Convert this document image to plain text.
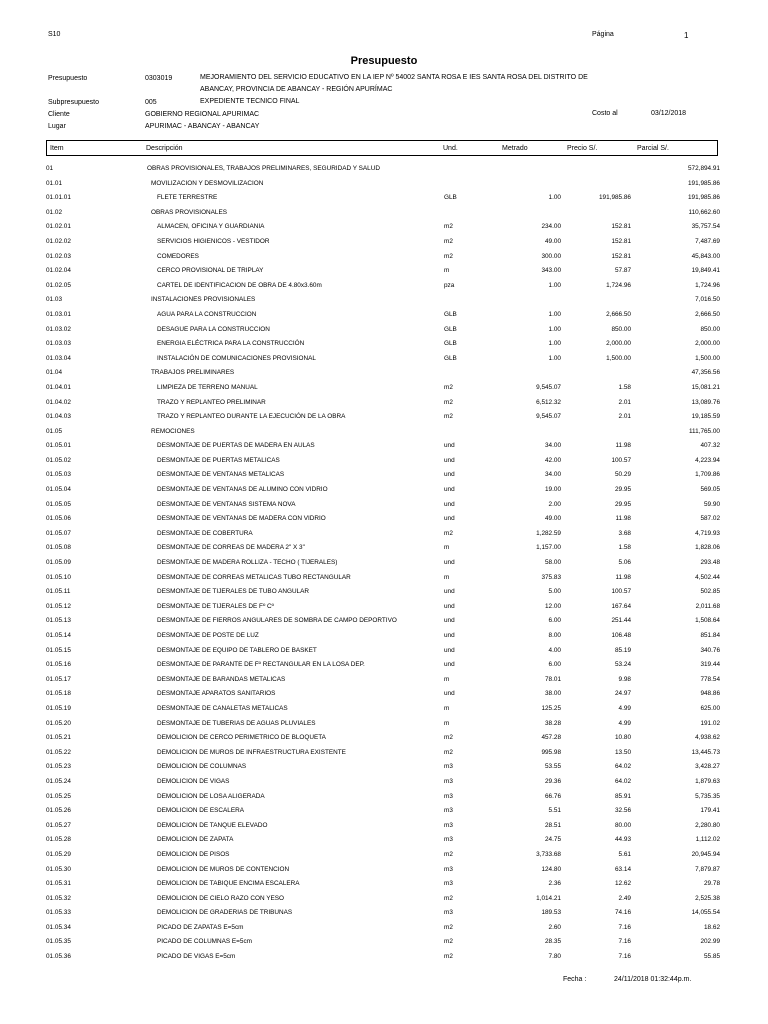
S10	Página	1
Presupuesto
Presupuesto	0303019	MEJORAMIENTO DEL SERVICIO EDUCATIVO EN LA IEP Nº 54002 SANTA ROSA E IES SANTA ROSA DEL DISTRITO DE
ABANCAY, PROVINCIA DE ABANCAY - REGIÓN APURÍMAC
Subpresupuesto	005	EXPEDIENTE TECNICO FINAL
Cliente	GOBIERNO REGIONAL APURIMAC	Costo al	03/12/2018
Lugar	APURIMAC - ABANCAY - ABANCAY
Item	Descripción	Und.	Metrado	Precio S/.	Parcial S/.
01	OBRAS PROVISIONALES, TRABAJOS PRELIMINARES, SEGURIDAD Y SALUD				572,894.91
01.01	MOVILIZACION Y DESMOVILIZACION				191,985.86
01.01.01	FLETE TERRESTRE	GLB	1.00	191,985.86	191,985.86
01.02	OBRAS PROVISIONALES				110,662.60
01.02.01	ALMACEN, OFICINA Y GUARDIANIA	m2	234.00	152.81	35,757.54
01.02.02	SERVICIOS HIGIENICOS - VESTIDOR	m2	49.00	152.81	7,487.69
01.02.03	COMEDORES	m2	300.00	152.81	45,843.00
01.02.04	CERCO PROVISIONAL DE TRIPLAY	m	343.00	57.87	19,849.41
01.02.05	CARTEL DE IDENTIFICACION DE OBRA DE 4.80x3.60m	pza	1.00	1,724.96	1,724.96
01.03	INSTALACIONES PROVISIONALES				7,016.50
01.03.01	AGUA PARA LA CONSTRUCCION	GLB	1.00	2,666.50	2,666.50
01.03.02	DESAGUE PARA LA CONSTRUCCION	GLB	1.00	850.00	850.00
01.03.03	ENERGIA ELÉCTRICA PARA LA CONSTRUCCIÓN	GLB	1.00	2,000.00	2,000.00
01.03.04	INSTALACIÓN DE COMUNICACIONES PROVISIONAL	GLB	1.00	1,500.00	1,500.00
01.04	TRABAJOS PRELIMINARES				47,356.56
01.04.01	LIMPIEZA DE TERRENO MANUAL	m2	9,545.07	1.58	15,081.21
01.04.02	TRAZO Y REPLANTEO PRELIMINAR	m2	6,512.32	2.01	13,089.76
01.04.03	TRAZO Y REPLANTEO DURANTE LA EJECUCIÓN DE LA OBRA	m2	9,545.07	2.01	19,185.59
01.05	REMOCIONES				111,765.00
01.05.01	DESMONTAJE DE PUERTAS DE MADERA EN AULAS	und	34.00	11.98	407.32
01.05.02	DESMONTAJE DE PUERTAS METALICAS	und	42.00	100.57	4,223.94
01.05.03	DESMONTAJE DE VENTANAS METALICAS	und	34.00	50.29	1,709.86
01.05.04	DESMONTAJE DE VENTANAS DE ALUMINO CON VIDRIO	und	19.00	29.95	569.05
01.05.05	DESMONTAJE DE VENTANAS SISTEMA NOVA	und	2.00	29.95	59.90
01.05.06	DESMONTAJE DE VENTANAS DE MADERA CON VIDRIO	und	49.00	11.98	587.02
01.05.07	DESMONTAJE DE COBERTURA	m2	1,282.59	3.68	4,719.93
01.05.08	DESMONTAJE DE CORREAS DE MADERA 2" X 3"	m	1,157.00	1.58	1,828.06
01.05.09	DESMONTAJE DE MADERA ROLLIZA - TECHO ( TIJERALES)	und	58.00	5.06	293.48
01.05.10	DESMONTAJE DE CORREAS METALICAS TUBO RECTANGULAR	m	375.83	11.98	4,502.44
01.05.11	DESMONTAJE DE TIJERALES DE TUBO ANGULAR	und	5.00	100.57	502.85
01.05.12	DESMONTAJE DE TIJERALES DE Fº Cº	und	12.00	167.64	2,011.68
01.05.13	DESMONTAJE DE FIERROS ANGULARES DE SOMBRA DE CAMPO DEPORTIVO	und	6.00	251.44	1,508.64
01.05.14	DESMONTAJE DE POSTE DE LUZ	und	8.00	106.48	851.84
01.05.15	DESMONTAJE DE EQUIPO DE TABLERO DE BASKET	und	4.00	85.19	340.76
01.05.16	DESMONTAJE DE PARANTE DE Fº RECTANGULAR EN LA LOSA DEP.	und	6.00	53.24	319.44
01.05.17	DESMONTAJE DE BARANDAS METALICAS	m	78.01	9.98	778.54
01.05.18	DESMONTAJE APARATOS SANITARIOS	und	38.00	24.97	948.86
01.05.19	DESMONTAJE DE CANALETAS METALICAS	m	125.25	4.99	625.00
01.05.20	DESMONTAJE DE TUBERIAS DE AGUAS PLUVIALES	m	38.28	4.99	191.02
01.05.21	DEMOLICION DE CERCO PERIMETRICO DE BLOQUETA	m2	457.28	10.80	4,938.62
01.05.22	DEMOLICION DE MUROS DE INFRAESTRUCTURA EXISTENTE	m2	995.98	13.50	13,445.73
01.05.23	DEMOLICION DE COLUMNAS	m3	53.55	64.02	3,428.27
01.05.24	DEMOLICION DE VIGAS	m3	29.36	64.02	1,879.63
01.05.25	DEMOLICION DE LOSA ALIGERADA	m3	66.76	85.91	5,735.35
01.05.26	DEMOLICION DE ESCALERA	m3	5.51	32.56	179.41
01.05.27	DEMOLICION DE TANQUE ELEVADO	m3	28.51	80.00	2,280.80
01.05.28	DEMOLICION DE ZAPATA	m3	24.75	44.93	1,112.02
01.05.29	DEMOLICION DE PISOS	m2	3,733.68	5.61	20,945.94
01.05.30	DEMOLICION DE MUROS DE CONTENCION	m3	124.80	63.14	7,879.87
01.05.31	DEMOLICION DE TABIQUE ENCIMA ESCALERA	m3	2.36	12.62	29.78
01.05.32	DEMOLICION DE CIELO RAZO CON YESO	m2	1,014.21	2.49	2,525.38
01.05.33	DEMOLICION DE GRADERIAS DE TRIBUNAS	m3	189.53	74.16	14,055.54
01.05.34	PICADO DE ZAPATAS E=5cm	m2	2.60	7.16	18.62
01.05.35	PICADO DE COLUMNAS E=5cm	m2	28.35	7.16	202.99
01.05.36	PICADO DE VIGAS E=5cm	m2	7.80	7.16	55.85
Fecha :	24/11/2018 01:32:44p.m.
